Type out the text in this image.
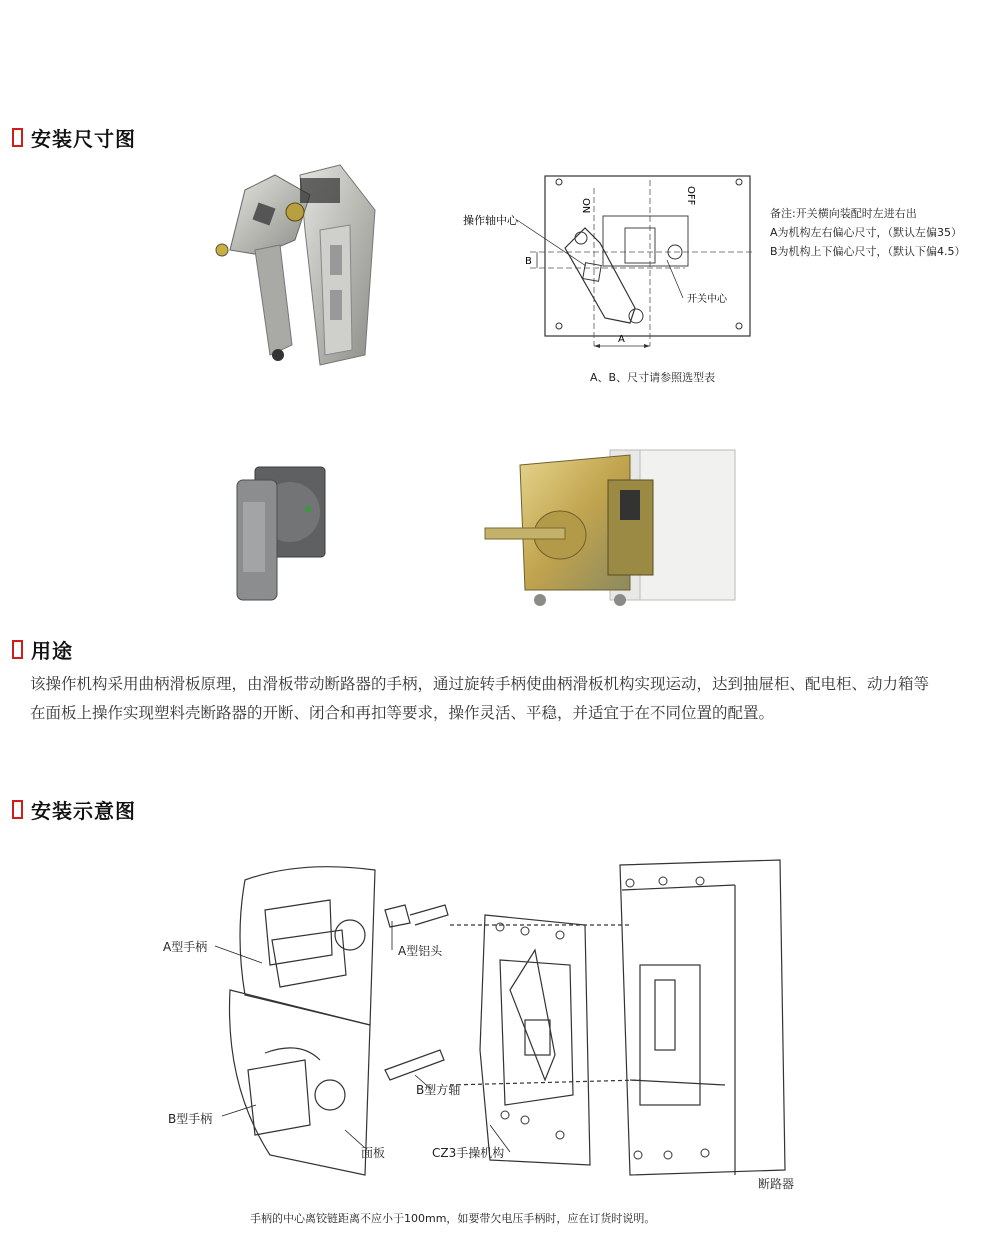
安装尺寸图
ON
OFF
操作轴中心
开关中心
A
B
A、B、尺寸请参照选型表
备注:开关横向装配时左进右出
A为机构左右偏心尺寸，（默认左偏35）
B为机构上下偏心尺寸，（默认下偏4.5）
用途
该操作机构采用曲柄滑板原理，由滑板带动断路器的手柄，通过旋转手柄使曲柄滑板机构实现运动，达到抽屉柜、配电柜、动力箱等在面板上操作实现塑料壳断路器的开断、闭合和再扣等要求，操作灵活、平稳，并适宜于在不同位置的配置。
安装示意图
A型手柄	A型铝头
B型方轴
B型手柄
面板	CZ3手操机构
断路器
手柄的中心离铰链距离不应小于100mm，如要带欠电压手柄时，应在订货时说明。
